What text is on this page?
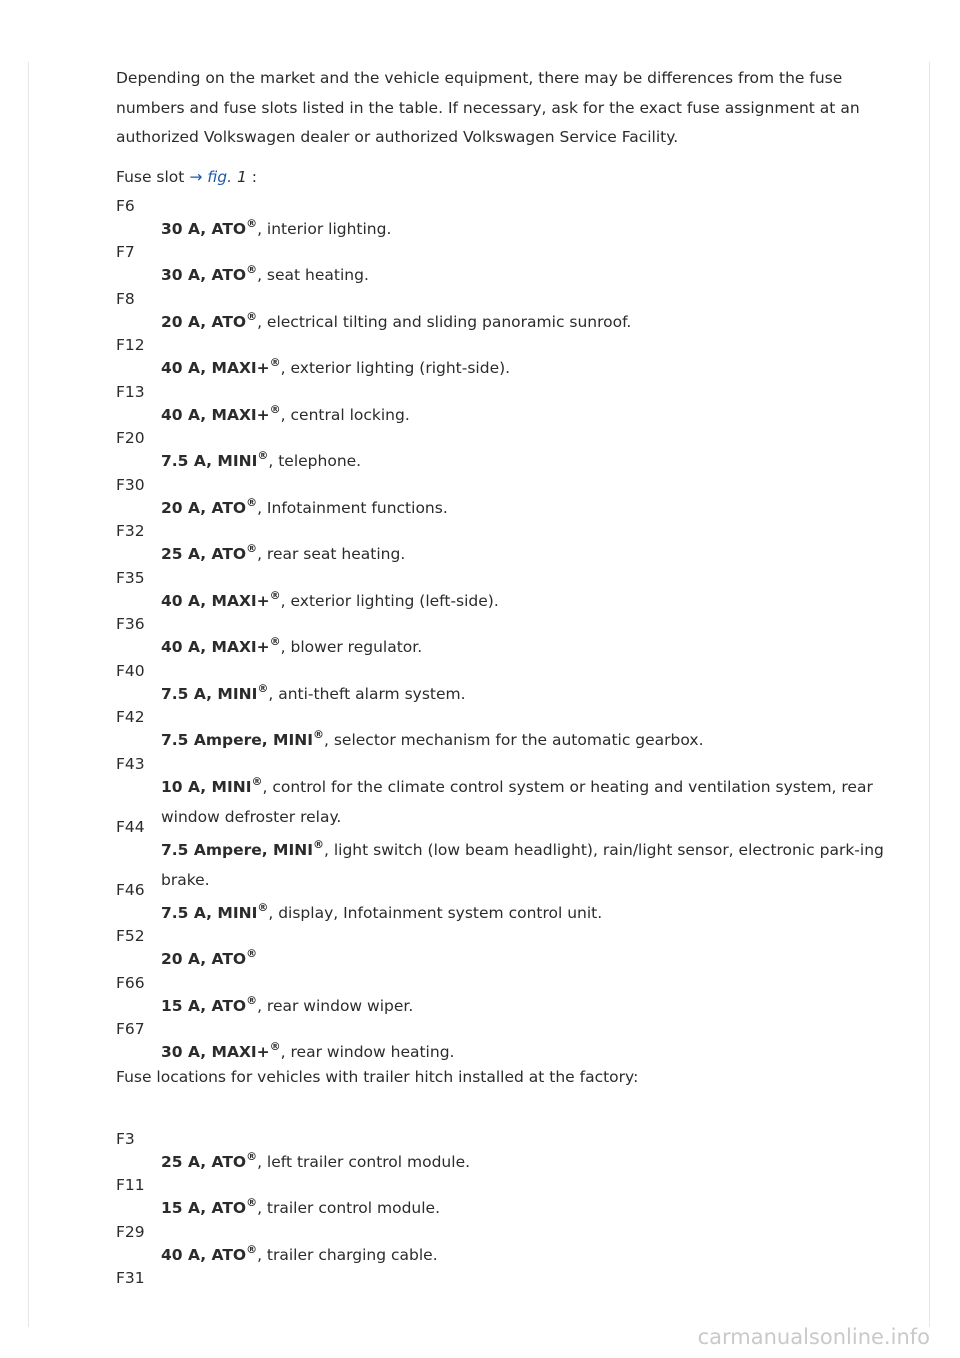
Depending on the market and the vehicle equipment, there may be differences from the fuse numbers and fuse slots listed in the table. If necessary, ask for the exact fuse assignment at an authorized Volkswagen dealer or authorized Volkswagen Service Facility.

Fuse slot → fig. 1 :

F6
30 A, ATO®, interior lighting.
F7
30 A, ATO®, seat heating.
F8
20 A, ATO®, electrical tilting and sliding panoramic sunroof.
F12
40 A, MAXI+®, exterior lighting (right-side).
F13
40 A, MAXI+®, central locking.
F20
7.5 A, MINI®, telephone.
F30
20 A, ATO®, Infotainment functions.
F32
25 A, ATO®, rear seat heating.
F35
40 A, MAXI+®, exterior lighting (left-side).
F36
40 A, MAXI+®, blower regulator.
F40
7.5 A, MINI®, anti-theft alarm system.
F42
7.5 Ampere, MINI®, selector mechanism for the automatic gearbox.
F43
10 A, MINI®, control for the climate control system or heating and ventilation system, rear window defroster relay.
F44
7.5 Ampere, MINI®, light switch (low beam headlight), rain/light sensor, electronic park-ing brake.
F46
7.5 A, MINI®, display, Infotainment system control unit.
F52
20 A, ATO®
F66
15 A, ATO®, rear window wiper.
F67
30 A, MAXI+®, rear window heating.

Fuse locations for vehicles with trailer hitch installed at the factory:

F3
25 A, ATO®, left trailer control module.
F11
15 A, ATO®, trailer control module.
F29
40 A, ATO®, trailer charging cable.
F31
carmanualsonline.info
